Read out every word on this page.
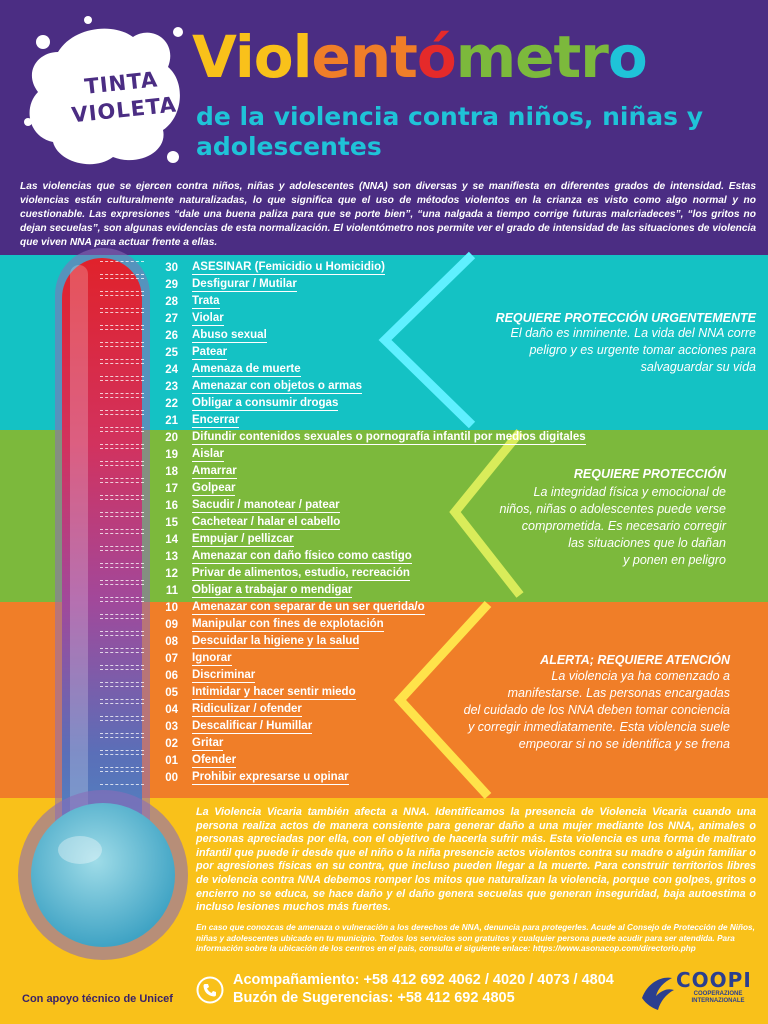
TINTA
VIOLETA
Violentómetro
de la violencia contra niños, niñas y adolescentes
Las violencias que se ejercen contra niños, niñas y adolescentes (NNA) son diversas y se manifiesta en diferentes grados de intensidad. Estas violencias están culturalmente naturalizadas, lo que significa que el uso de métodos violentos en la crianza es visto como algo normal y no cuestionable. Las expresiones “dale una buena paliza para que se porte bien”, “una nalgada a tiempo corrige futuras malcriadeces”, “los gritos no dejan secuelas”, son algunas evidencias de esta normalización. El violentómetro nos permite ver el grado de intensidad de las situaciones de violencia que viven NNA para actuar frente a ellas.
REQUIERE PROTECCIÓN URGENTEMENTE
El daño es inminente. La vida del NNA corre
peligro y es urgente tomar acciones para
salvaguardar su vida
REQUIERE PROTECCIÓN
La integridad física y emocional de
niños, niñas o adolescentes puede verse
comprometida. Es necesario corregir
las situaciones que lo dañan
y ponen en peligro
ALERTA; REQUIERE ATENCIÓN
La violencia ya ha comenzado a
manifestarse. Las personas encargadas
del cuidado de los NNA deben tomar conciencia
y corregir inmediatamente. Esta violencia suele
empeorar si no se identifica y se frena
30 ASESINAR (Femicidio u Homicidio)
29 Desfigurar / Mutilar
28 Trata
27 Violar
26 Abuso sexual
25 Patear
24 Amenaza de muerte
23 Amenazar con objetos o armas
22 Obligar a consumir drogas
21 Encerrar
20 Difundir contenidos sexuales o pornografía infantil por medios digitales
19 Aislar
18 Amarrar
17 Golpear
16 Sacudir / manotear / patear
15 Cachetear / halar el cabello
14 Empujar / pellizcar
13 Amenazar con daño físico como castigo
12 Privar de alimentos, estudio, recreación
11 Obligar a trabajar o mendigar
10 Amenazar con separar de un ser querida/o
09 Manipular con fines de explotación
08 Descuidar la higiene y la salud
07 Ignorar
06 Discriminar
05 Intimidar y hacer sentir miedo
04 Ridiculizar / ofender
03 Descalificar / Humillar
02 Gritar
01 Ofender
00 Prohibir expresarse u opinar
La Violencia Vicaria también afecta a NNA. Identificamos la presencia de Violencia Vicaria cuando una persona realiza actos de manera consiente para generar daño a una mujer mediante los NNA, animales o personas apreciadas por ella, con el objetivo de hacerla sufrir más. Esta violencia es una forma de maltrato infantil que puede ir desde que el niño o la niña presencie actos violentos contra su madre o algún familiar o por agresiones físicas en su contra, que incluso pueden llegar a la muerte. Para construir territorios libres de violencia contra NNA debemos romper los mitos que naturalizan la violencia, porque con golpes, gritos o encierro no se educa, se hace daño y el daño genera secuelas que generan inseguridad, baja autoestima o incluso lesiones muchos más fuertes.
En caso que conozcas de amenaza o vulneración a los derechos de NNA, denuncia para protegerles. Acude al Consejo de Protección de Niños, niñas y adolescentes ubicado en tu municipio. Todos los servicios son gratuitos y cualquier persona puede acudir para ser atendida. Para información sobre la ubicación de los centros en el país, consulta el siguiente enlace: https://www.asonacop.com/directorio.php
Acompañamiento: +58 412 692 4062 / 4020 / 4073 / 4804
Buzón de Sugerencias: +58 412 692 4805
Con apoyo técnico de Unicef
COOPI
COOPERAZIONE INTERNAZIONALE
